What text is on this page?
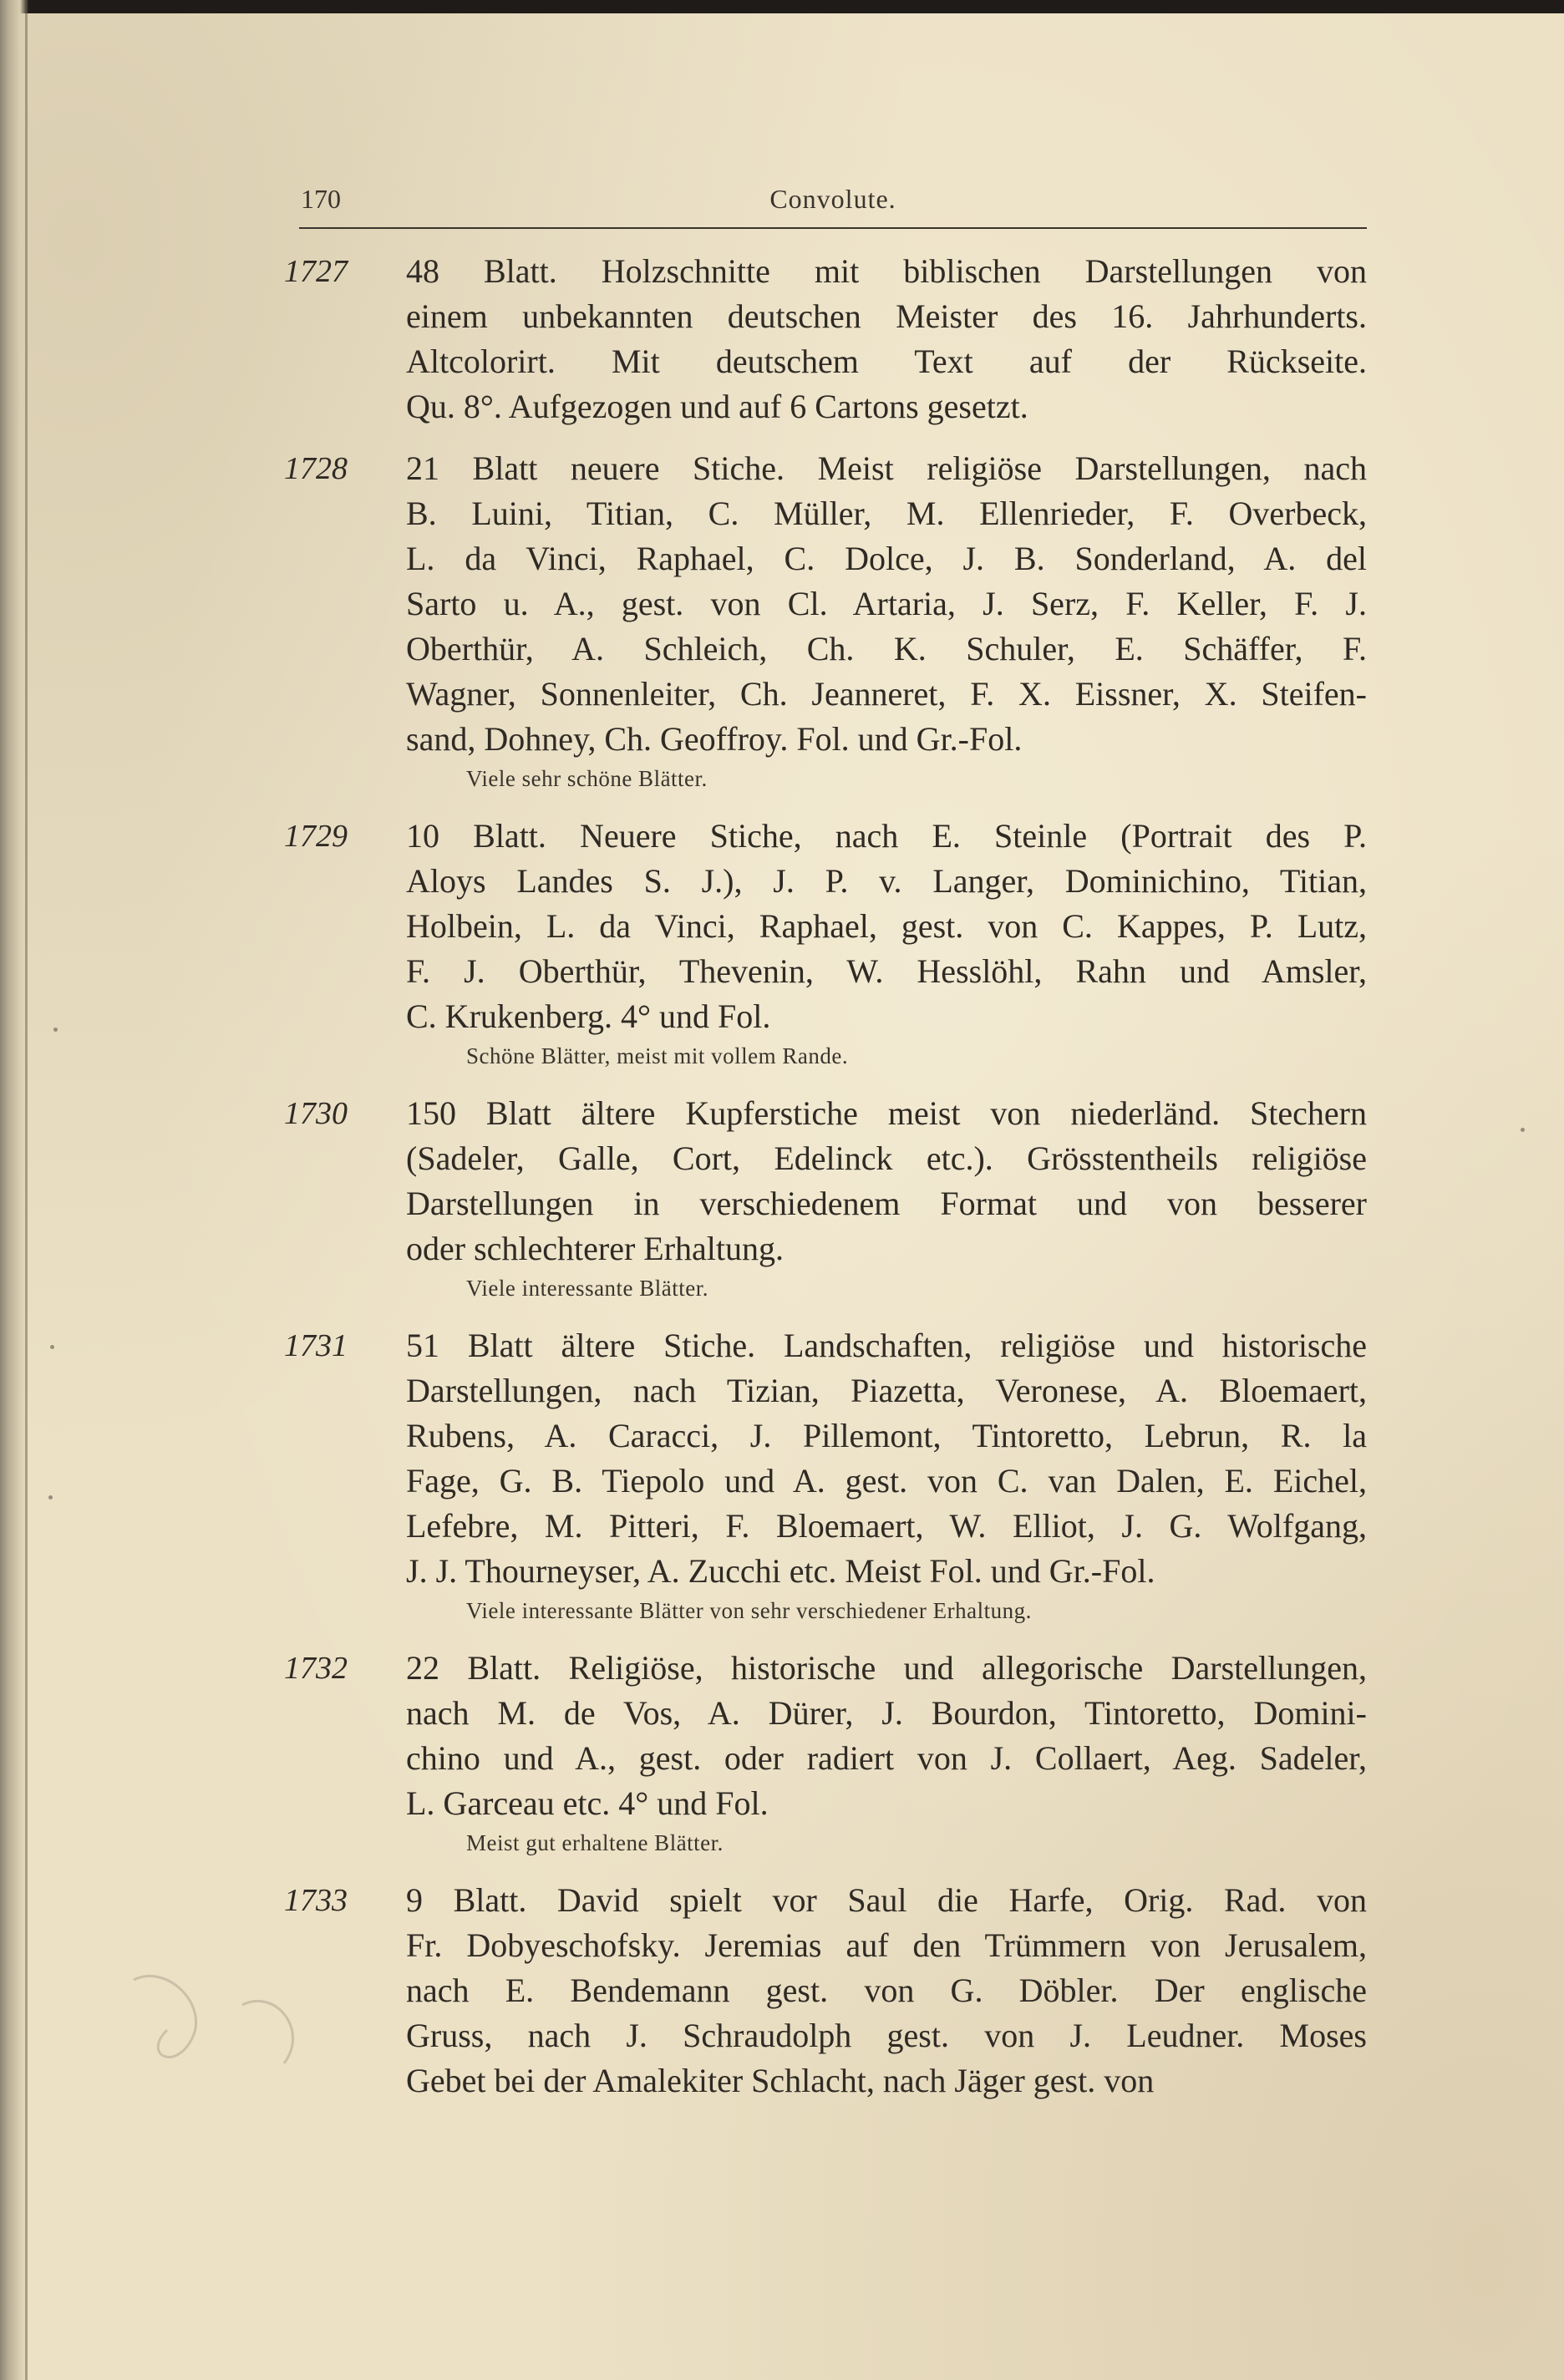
170	Convolute.
1727 48 Blatt. Holzschnitte mit biblischen Darstellungen von
einem unbekannten deutschen Meister des 16. Jahrhunderts.
Altcolorirt. Mit deutschem Text auf der Rückseite.
Qu. 8°. Aufgezogen und auf 6 Cartons gesetzt.
1728 21 Blatt neuere Stiche. Meist religiöse Darstellungen, nach
B. Luini, Titian, C. Müller, M. Ellenrieder, F. Overbeck,
L. da Vinci, Raphael, C. Dolce, J. B. Sonderland, A. del
Sarto u. A., gest. von Cl. Artaria, J. Serz, F. Keller, F. J.
Oberthür, A. Schleich, Ch. K. Schuler, E. Schäffer, F.
Wagner, Sonnenleiter, Ch. Jeanneret, F. X. Eissner, X. Steifen-
sand, Dohney, Ch. Geoffroy. Fol. und Gr.-Fol.
Viele sehr schöne Blätter.
1729 10 Blatt. Neuere Stiche, nach E. Steinle (Portrait des P.
Aloys Landes S. J.), J. P. v. Langer, Dominichino, Titian,
Holbein, L. da Vinci, Raphael, gest. von C. Kappes, P. Lutz,
F. J. Oberthür, Thevenin, W. Hesslöhl, Rahn und Amsler,
C. Krukenberg. 4° und Fol.
Schöne Blätter, meist mit vollem Rande.
1730 150 Blatt ältere Kupferstiche meist von niederländ. Stechern
(Sadeler, Galle, Cort, Edelinck etc.). Grösstentheils religiöse
Darstellungen in verschiedenem Format und von besserer
oder schlechterer Erhaltung.
Viele interessante Blätter.
1731 51 Blatt ältere Stiche. Landschaften, religiöse und historische
Darstellungen, nach Tizian, Piazetta, Veronese, A. Bloemaert,
Rubens, A. Caracci, J. Pillemont, Tintoretto, Lebrun, R. la
Fage, G. B. Tiepolo und A. gest. von C. van Dalen, E. Eichel,
Lefebre, M. Pitteri, F. Bloemaert, W. Elliot, J. G. Wolfgang,
J. J. Thourneyser, A. Zucchi etc. Meist Fol. und Gr.-Fol.
Viele interessante Blätter von sehr verschiedener Erhaltung.
1732 22 Blatt. Religiöse, historische und allegorische Darstellungen,
nach M. de Vos, A. Dürer, J. Bourdon, Tintoretto, Domini-
chino und A., gest. oder radiert von J. Collaert, Aeg. Sadeler,
L. Garceau etc. 4° und Fol.
Meist gut erhaltene Blätter.
1733 9 Blatt. David spielt vor Saul die Harfe, Orig. Rad. von
Fr. Dobyeschofsky. Jeremias auf den Trümmern von Jerusalem,
nach E. Bendemann gest. von G. Döbler. Der englische
Gruss, nach J. Schraudolph gest. von J. Leudner. Moses
Gebet bei der Amalekiter Schlacht, nach Jäger gest. von
